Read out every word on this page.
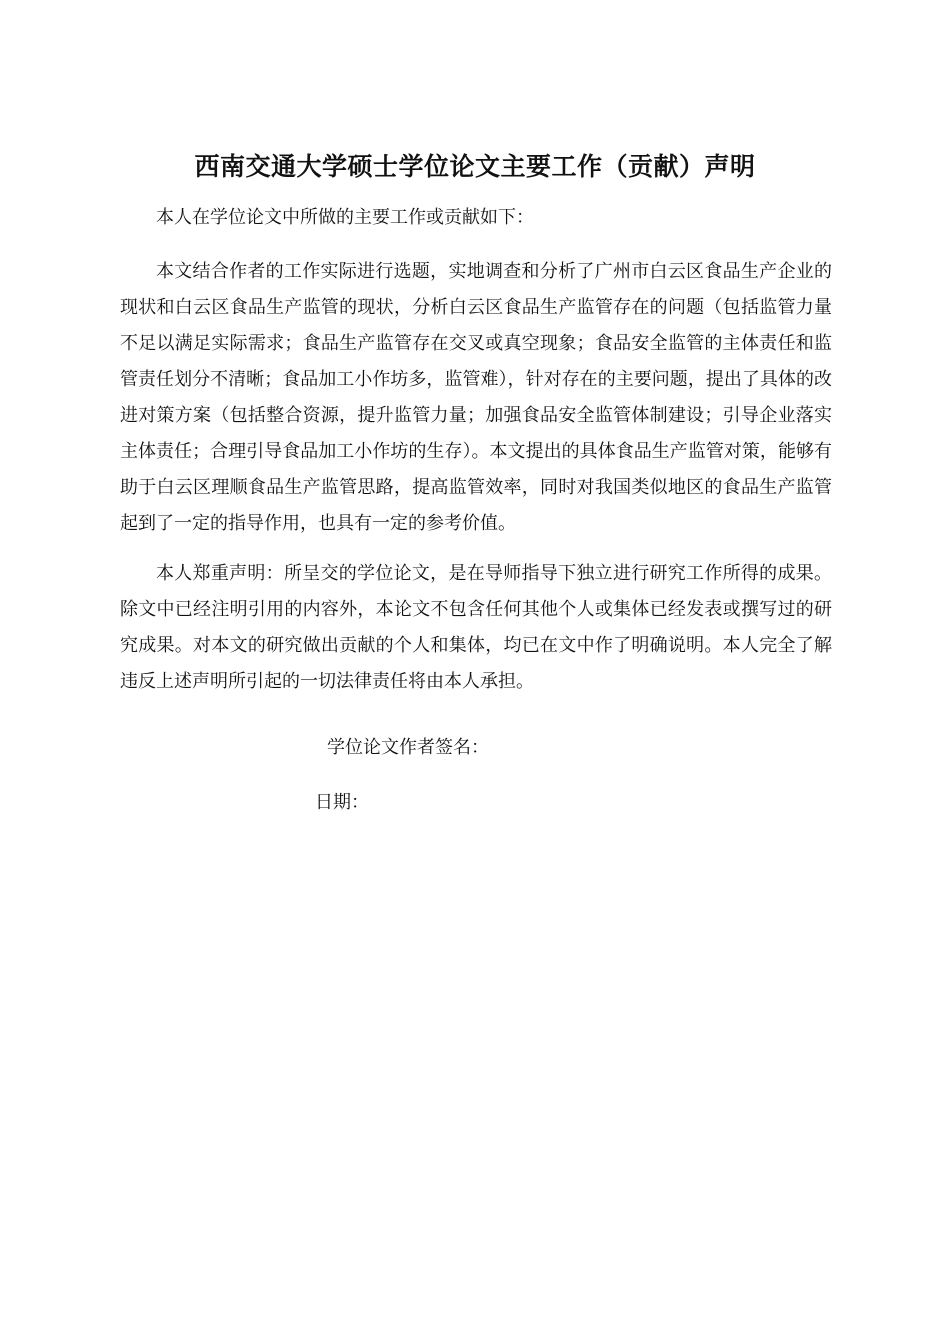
西南交通大学硕士学位论文主要工作（贡献）声明

本人在学位论文中所做的主要工作或贡献如下：

本文结合作者的工作实际进行选题，实地调查和分析了广州市白云区食品生产企业的现状和白云区食品生产监管的现状，分析白云区食品生产监管存在的问题（包括监管力量不足以满足实际需求；食品生产监管存在交叉或真空现象；食品安全监管的主体责任和监管责任划分不清晰；食品加工小作坊多，监管难），针对存在的主要问题，提出了具体的改进对策方案（包括整合资源，提升监管力量；加强食品安全监管体制建设；引导企业落实主体责任；合理引导食品加工小作坊的生存）。本文提出的具体食品生产监管对策，能够有助于白云区理顺食品生产监管思路，提高监管效率，同时对我国类似地区的食品生产监管起到了一定的指导作用，也具有一定的参考价值。

本人郑重声明：所呈交的学位论文，是在导师指导下独立进行研究工作所得的成果。除文中已经注明引用的内容外，本论文不包含任何其他个人或集体已经发表或撰写过的研究成果。对本文的研究做出贡献的个人和集体，均已在文中作了明确说明。本人完全了解违反上述声明所引起的一切法律责任将由本人承担。

学位论文作者签名：
日期：
